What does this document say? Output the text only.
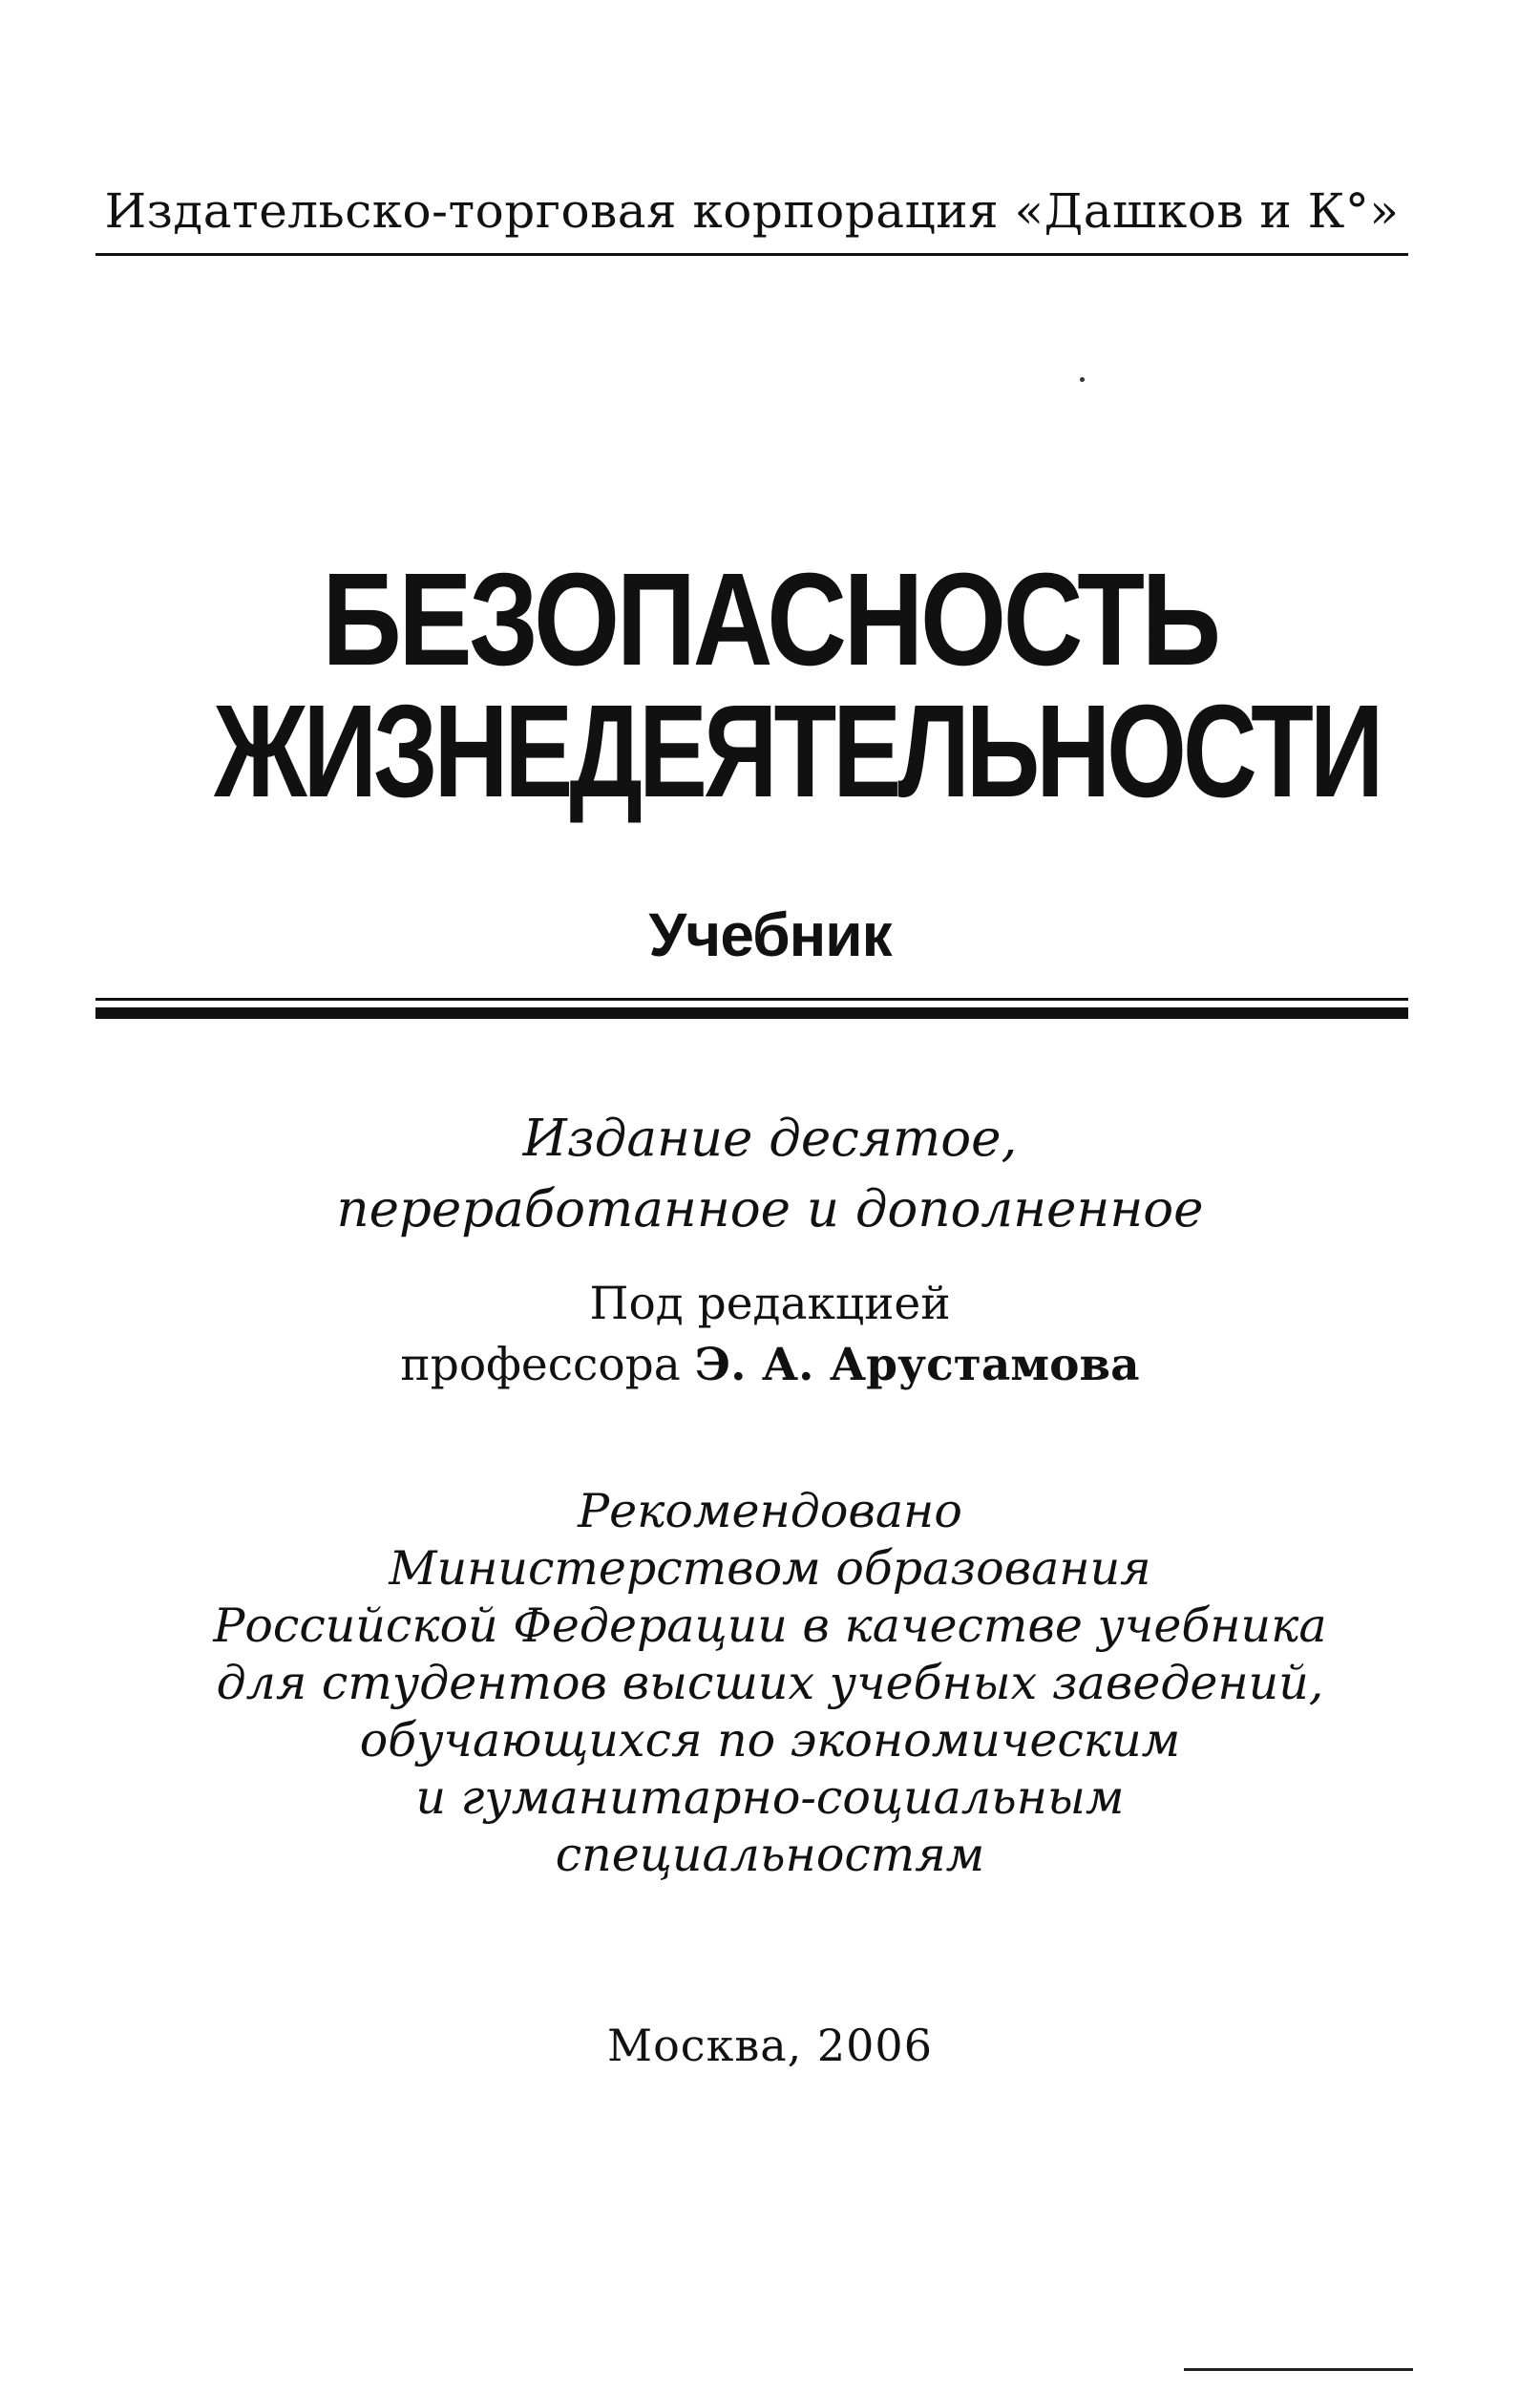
Издательско-торговая корпорация «Дашков и К°»
БЕЗОПАСНОСТЬ
ЖИЗНЕДЕЯТЕЛЬНОСТИ
Учебник
Издание десятое,
переработанное и дополненное
Под редакцией
профессора Э. А. Арустамова
Рекомендовано
Министерством образования
Российской Федерации в качестве учебника
для студентов высших учебных заведений,
обучающихся по экономическим
и гуманитарно-социальным
специальностям
Москва, 2006
